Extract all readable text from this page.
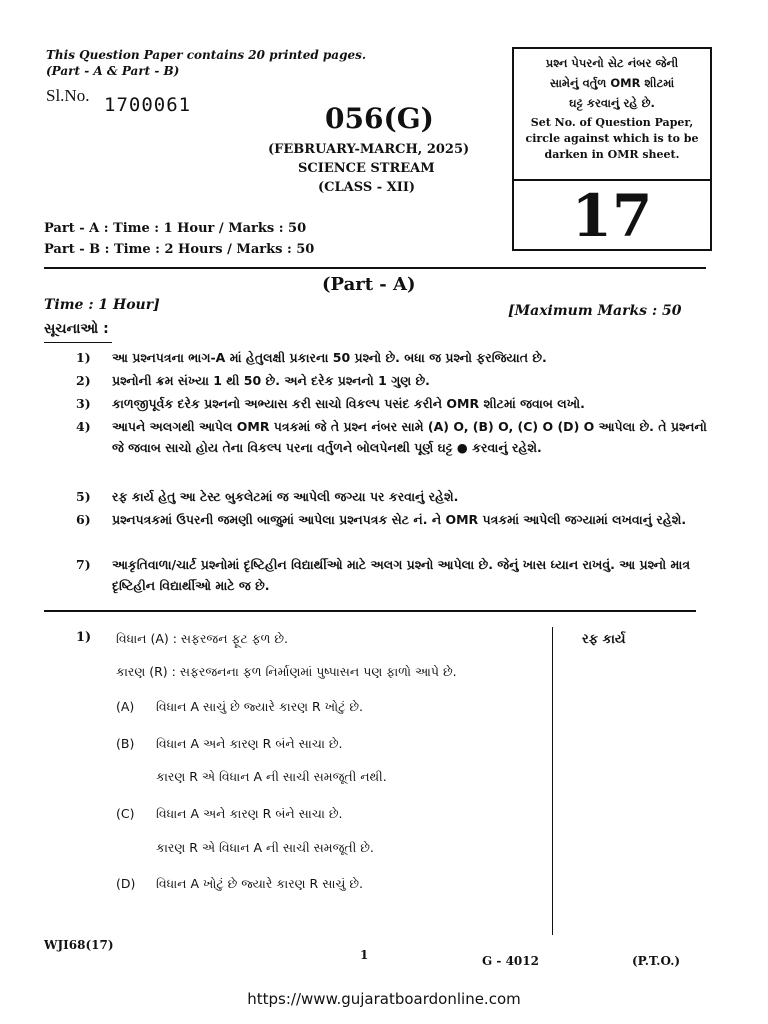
This Question Paper contains 20 printed pages.
(Part - A & Part - B)
Sl.No. 1700061	056(G)
(FEBRUARY-MARCH, 2025)
SCIENCE STREAM
(CLASS - XII)
પ્રશ્ન પેપરનો સેટ નંબર જેની
સામેનું વર્તુળ OMR શીટમાં
ઘટ્ટ કરવાનું રહે છે.
Set No. of Question Paper,
circle against which is to be
darken in OMR sheet.
17
Part - A : Time : 1 Hour / Marks : 50
Part - B : Time : 2 Hours / Marks : 50
(Part - A)
Time : 1 Hour]	[Maximum Marks : 50
સૂચનાઓ :
1)	આ પ્રશ્નપત્રના ભાગ-A માં હેતુલક્ષી પ્રકારના 50 પ્રશ્નો છે. બધા જ પ્રશ્નો ફરજિયાત છે.
2)	પ્રશ્નોની ક્રમ સંખ્યા 1 થી 50 છે. અને દરેક પ્રશ્નનો 1 ગુણ છે.
3)	કાળજીપૂર્વક દરેક પ્રશ્નનો અભ્યાસ કરી સાચો વિકલ્પ પસંદ કરીને OMR શીટમાં જવાબ લખો.
4)	આપને અલગથી આપેલ OMR પત્રકમાં જે તે પ્રશ્ન નંબર સામે (A) O, (B) O, (C) O (D) O આપેલા છે. તે પ્રશ્નનો જે જવાબ સાચો હોય તેના વિકલ્પ પરના વર્તુળને બોલપેનથી પૂર્ણ ઘટ્ટ ● કરવાનું રહેશે.
5)	રફ કાર્ય હેતુ આ ટેસ્ટ બુકલેટમાં જ આપેલી જગ્યા પર કરવાનું રહેશે.
6)	પ્રશ્નપત્રકમાં ઉપરની જમણી બાજુમાં આપેલા પ્રશ્નપત્રક સેટ નં. ને OMR પત્રકમાં આપેલી જગ્યામાં લખવાનું રહેશે.
7)	આકૃતિવાળા/ચાર્ટ પ્રશ્નોમાં દૃષ્ટિહીન વિદ્યાર્થીઓ માટે અલગ પ્રશ્નો આપેલા છે. જેનું ખાસ ધ્યાન રાખવું. આ પ્રશ્નો માત્ર દૃષ્ટિહીન વિદ્યાર્થીઓ માટે જ છે.
1) વિધાન (A) : સફરજન ફૂટ ફળ છે.
કારણ (R) : સફરજનના ફળ નિર્માણમાં પુષ્પાસન પણ ફાળો આપે છે.
(A) વિધાન A સાચું છે જ્યારે કારણ R ખોટું છે.
(B) વિધાન A અને કારણ R બંને સાચા છે.
કારણ R એ વિધાન A ની સાચી સમજૂતી નથી.
(C) વિધાન A અને કારણ R બંને સાચા છે.
કારણ R એ વિધાન A ની સાચી સમજૂતી છે.
(D) વિધાન A ખોટું છે જ્યારે કારણ R સાચું છે.
રફ કાર્ય
WJI68(17)
1	G - 4012	(P.T.O.)
https://www.gujaratboardonline.com
